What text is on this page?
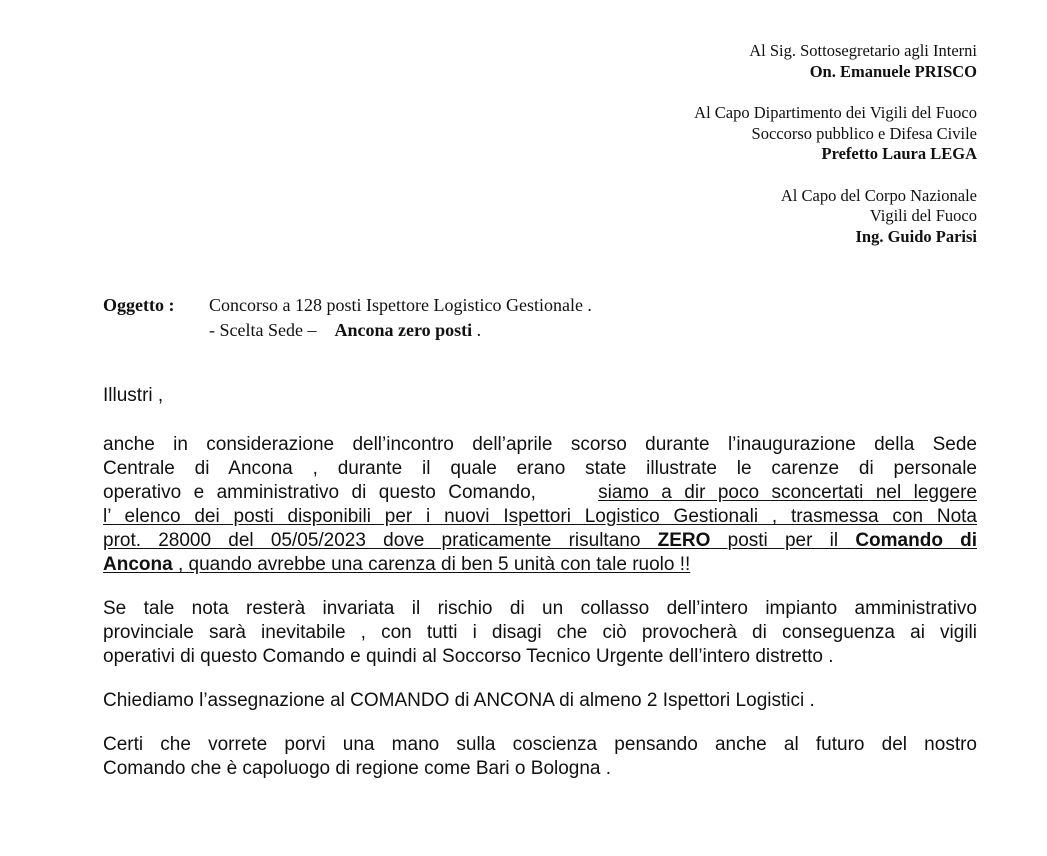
Al Sig. Sottosegretario agli Interni
On. Emanuele PRISCO
Al Capo Dipartimento dei Vigili del Fuoco
Soccorso pubblico e Difesa Civile
Prefetto Laura LEGA
Al Capo del Corpo Nazionale
Vigili del Fuoco
Ing. Guido Parisi
Oggetto :	Concorso a 128 posti Ispettore Logistico Gestionale .
- Scelta Sede – Ancona zero posti .

Illustri ,

anche in considerazione dell’incontro dell’aprile scorso durante l’inaugurazione della Sede
Centrale di Ancona , durante il quale erano state illustrate le carenze di personale
operativo e amministrativo di questo Comando,	siamo a dir poco sconcertati nel leggere
l’ elenco dei posti disponibili per i nuovi Ispettori Logistico Gestionali , trasmessa con Nota
prot. 28000 del 05/05/2023 dove praticamente risultano ZERO posti per il Comando di
Ancona , quando avrebbe una carenza di ben 5 unità con tale ruolo !!
Se tale nota resterà invariata il rischio di un collasso dell’intero impianto amministrativo
provinciale sarà inevitabile , con tutti i disagi che ciò provocherà di conseguenza ai vigili
operativi di questo Comando e quindi al Soccorso Tecnico Urgente dell’intero distretto .

Chiediamo l’assegnazione al COMANDO di ANCONA di almeno 2 Ispettori Logistici .

Certi che vorrete porvi una mano sulla coscienza pensando anche al futuro del nostro
Comando che è capoluogo di regione come Bari o Bologna .
